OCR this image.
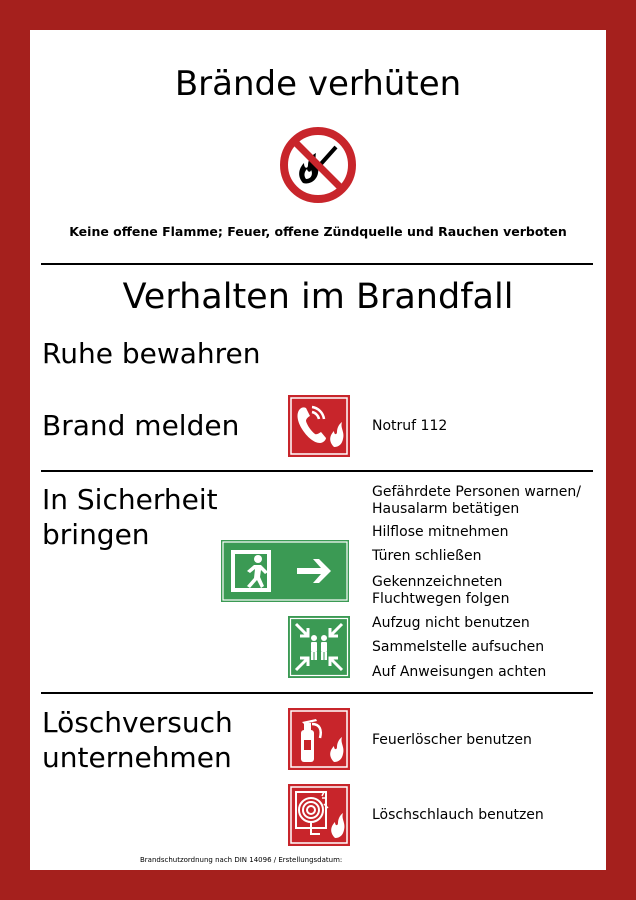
Brände verhüten
Keine offene Flamme; Feuer, offene Zündquelle und Rauchen verboten
Verhalten im Brandfall
Ruhe bewahren
Brand melden	Notruf 112
In Sicherheit
bringen
Gefährdete Personen warnen/
Hausalarm betätigen
Hilflose mitnehmen
Türen schließen
Gekennzeichneten
Fluchtwegen folgen
Aufzug nicht benutzen
Sammelstelle aufsuchen
Auf Anweisungen achten
Löschversuch
unternehmen
Feuerlöscher benutzen
Löschschlauch benutzen
Brandschutzordnung nach DIN 14096 / Erstellungsdatum:
